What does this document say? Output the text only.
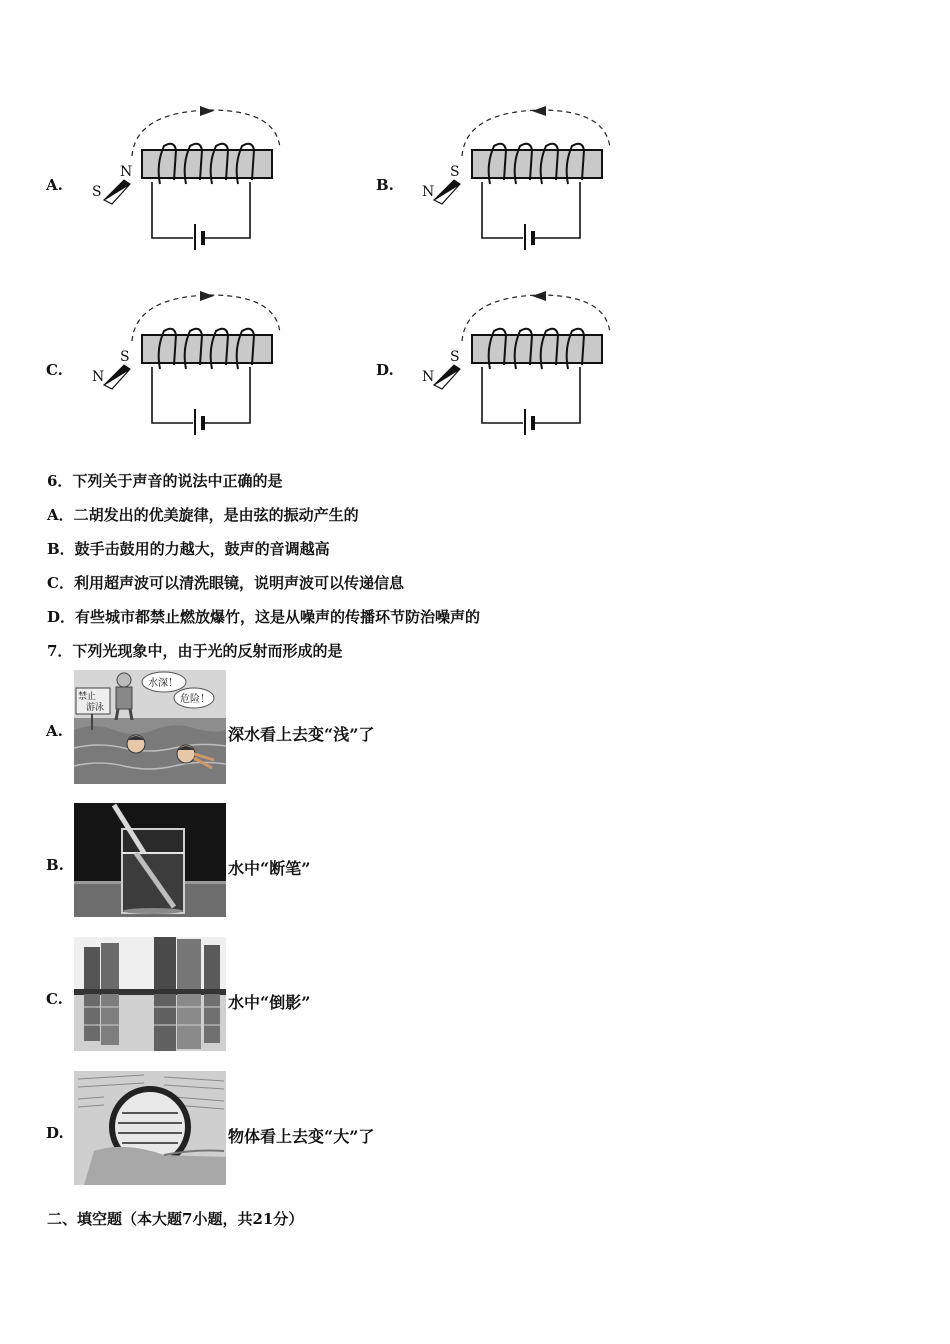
A.
N
S	B.
S
N
C.
S
N	D.
S
N
6．下列关于声音的说法中正确的是
A．二胡发出的优美旋律，是由弦的振动产生的
B．鼓手击鼓用的力越大，鼓声的音调越高
C．利用超声波可以清洗眼镜，说明声波可以传递信息
D．有些城市都禁止燃放爆竹，这是从噪声的传播环节防治噪声的
7．下列光现象中，由于光的反射而形成的是
A.
禁止
游泳
水深！
危险！
深水看上去变“浅”了
B.	水中“断笔”
C.	水中“倒影”
D.	物体看上去变“大”了
二、填空题（本大题7小题，共21分）
